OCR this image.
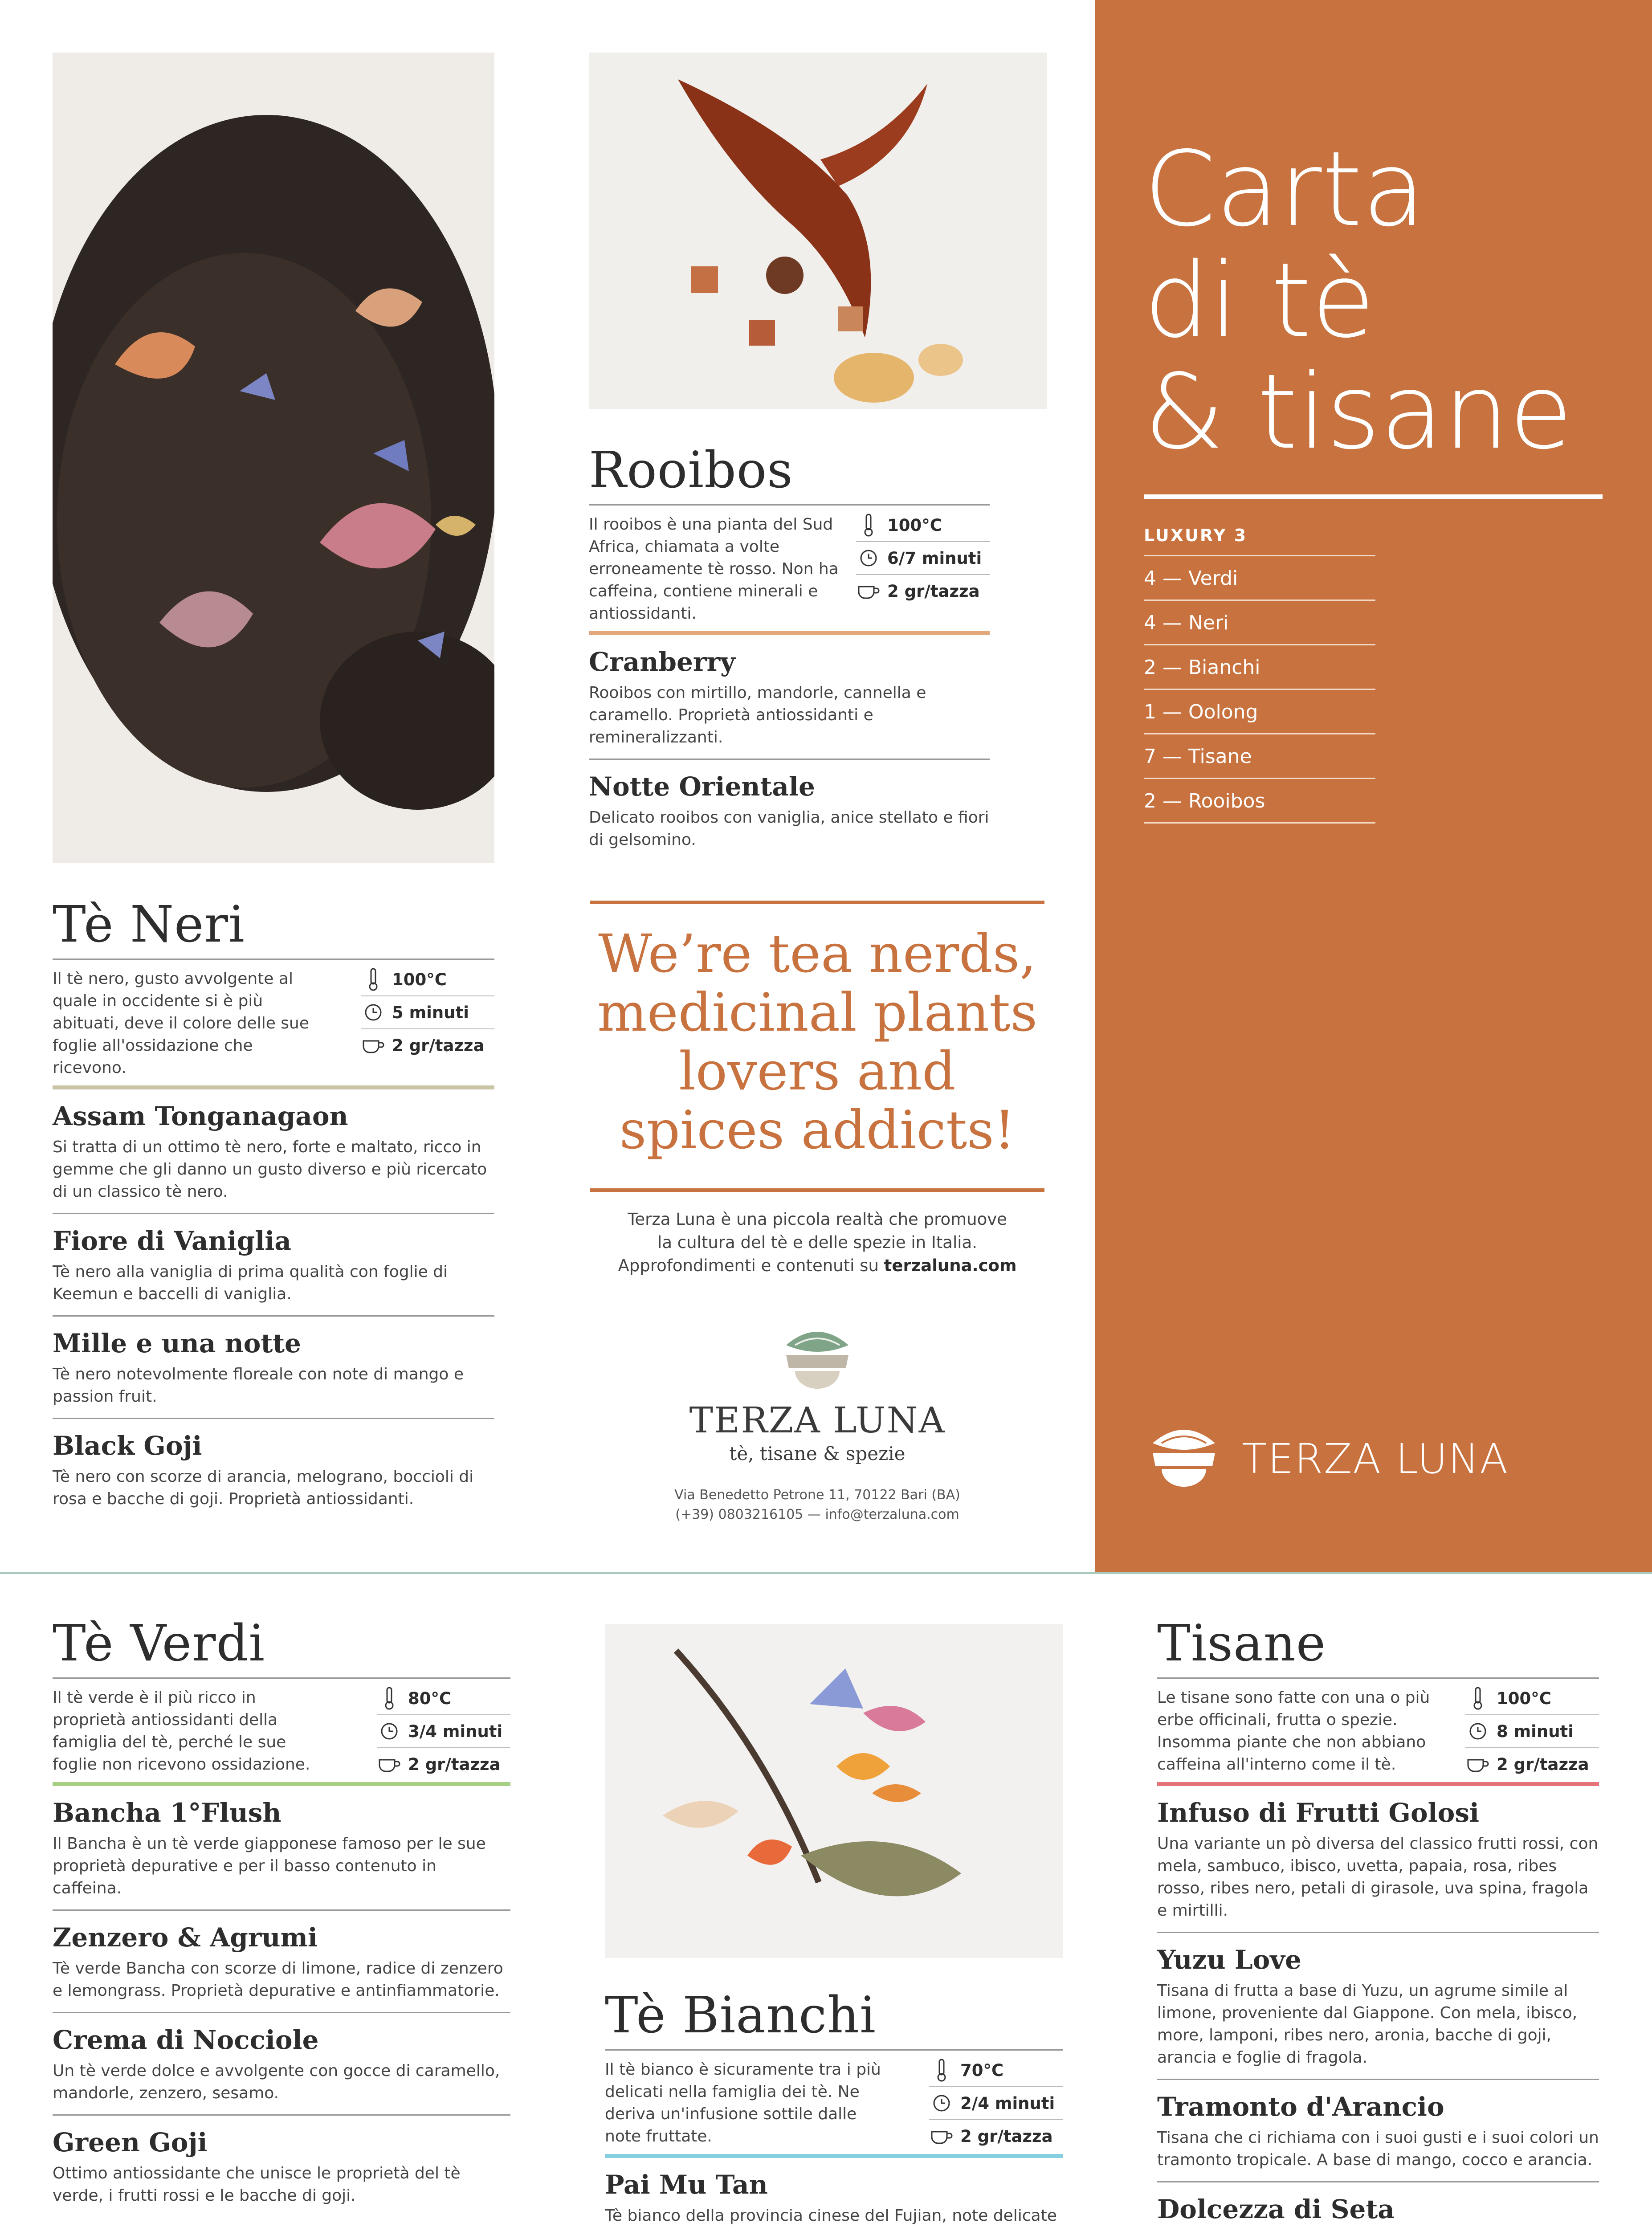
Tè Neri
Il tè nero, gusto avvolgente al quale in occidente si è più abituati, deve il colore delle sue foglie all'ossidazione che ricevono.
100°C
5 minuti
2 gr/tazza
Assam Tonganagaon
Si tratta di un ottimo tè nero, forte e maltato, ricco in gemme che gli danno un gusto diverso e più ricercato di un classico tè nero.
Fiore di Vaniglia
Tè nero alla vaniglia di prima qualità con foglie di Keemun e baccelli di vaniglia.
Mille e una notte
Tè nero notevolmente floreale con note di mango e passion fruit.
Black Goji
Tè nero con scorze di arancia, melograno, boccioli di rosa e bacche di goji. Proprietà antiossidanti.
Rooibos
Il rooibos è una pianta del Sud Africa, chiamata a volte erroneamente tè rosso. Non ha caffeina, contiene minerali e antiossidanti.
100°C
6/7 minuti
2 gr/tazza
Cranberry
Rooibos con mirtillo, mandorle, cannella e caramello. Proprietà antiossidanti e remineralizzanti.
Notte Orientale
Delicato rooibos con vaniglia, anice stellato e fiori di gelsomino.
We’re tea nerds, medicinal plants lovers and spices addicts!
Terza Luna è una piccola realtà che promuove
la cultura del tè e delle spezie in Italia.
Approfondimenti e contenuti su terzaluna.com
TERZA LUNA
tè, tisane & spezie
Via Benedetto Petrone 11, 70122 Bari (BA)
(+39) 0803216105 — info@terzaluna.com
Carta
di tè
& tisane
LUXURY 3
4 — Verdi
4 — Neri
2 — Bianchi
1 — Oolong
7 — Tisane
2 — Rooibos
TERZA LUNA
Tè Verdi
Il tè verde è il più ricco in proprietà antiossidanti della famiglia del tè, perché le sue foglie non ricevono ossidazione.
80°C
3/4 minuti
2 gr/tazza
Bancha 1°Flush
Il Bancha è un tè verde giapponese famoso per le sue proprietà depurative e per il basso contenuto in caffeina.
Zenzero & Agrumi
Tè verde Bancha con scorze di limone, radice di zenzero e lemongrass. Proprietà depurative e antinfiammatorie.
Crema di Nocciole
Un tè verde dolce e avvolgente con gocce di caramello, mandorle, zenzero, sesamo.
Green Goji
Ottimo antiossidante che unisce le proprietà del tè verde, i frutti rossi e le bacche di goji.
Tè Bianchi
Il tè bianco è sicuramente tra i più delicati nella famiglia dei tè. Ne deriva un'infusione sottile dalle note fruttate.
70°C
2/4 minuti
2 gr/tazza
Pai Mu Tan
Tè bianco della provincia cinese del Fujian, note delicate
Tisane
Le tisane sono fatte con una o più erbe officinali, frutta o spezie. Insomma piante che non abbiano caffeina all'interno come il tè.
100°C
8 minuti
2 gr/tazza
Infuso di Frutti Golosi
Una variante un pò diversa del classico frutti rossi, con mela, sambuco, ibisco, uvetta, papaia, rosa, ribes rosso, ribes nero, petali di girasole, uva spina, fragola e mirtilli.
Yuzu Love
Tisana di frutta a base di Yuzu, un agrume simile al limone, proveniente dal Giappone. Con mela, ibisco, more, lamponi, ribes nero, aronia, bacche di goji, arancia e foglie di fragola.
Tramonto d'Arancio
Tisana che ci richiama con i suoi gusti e i suoi colori un tramonto tropicale. A base di mango, cocco e arancia.
Dolcezza di Seta
